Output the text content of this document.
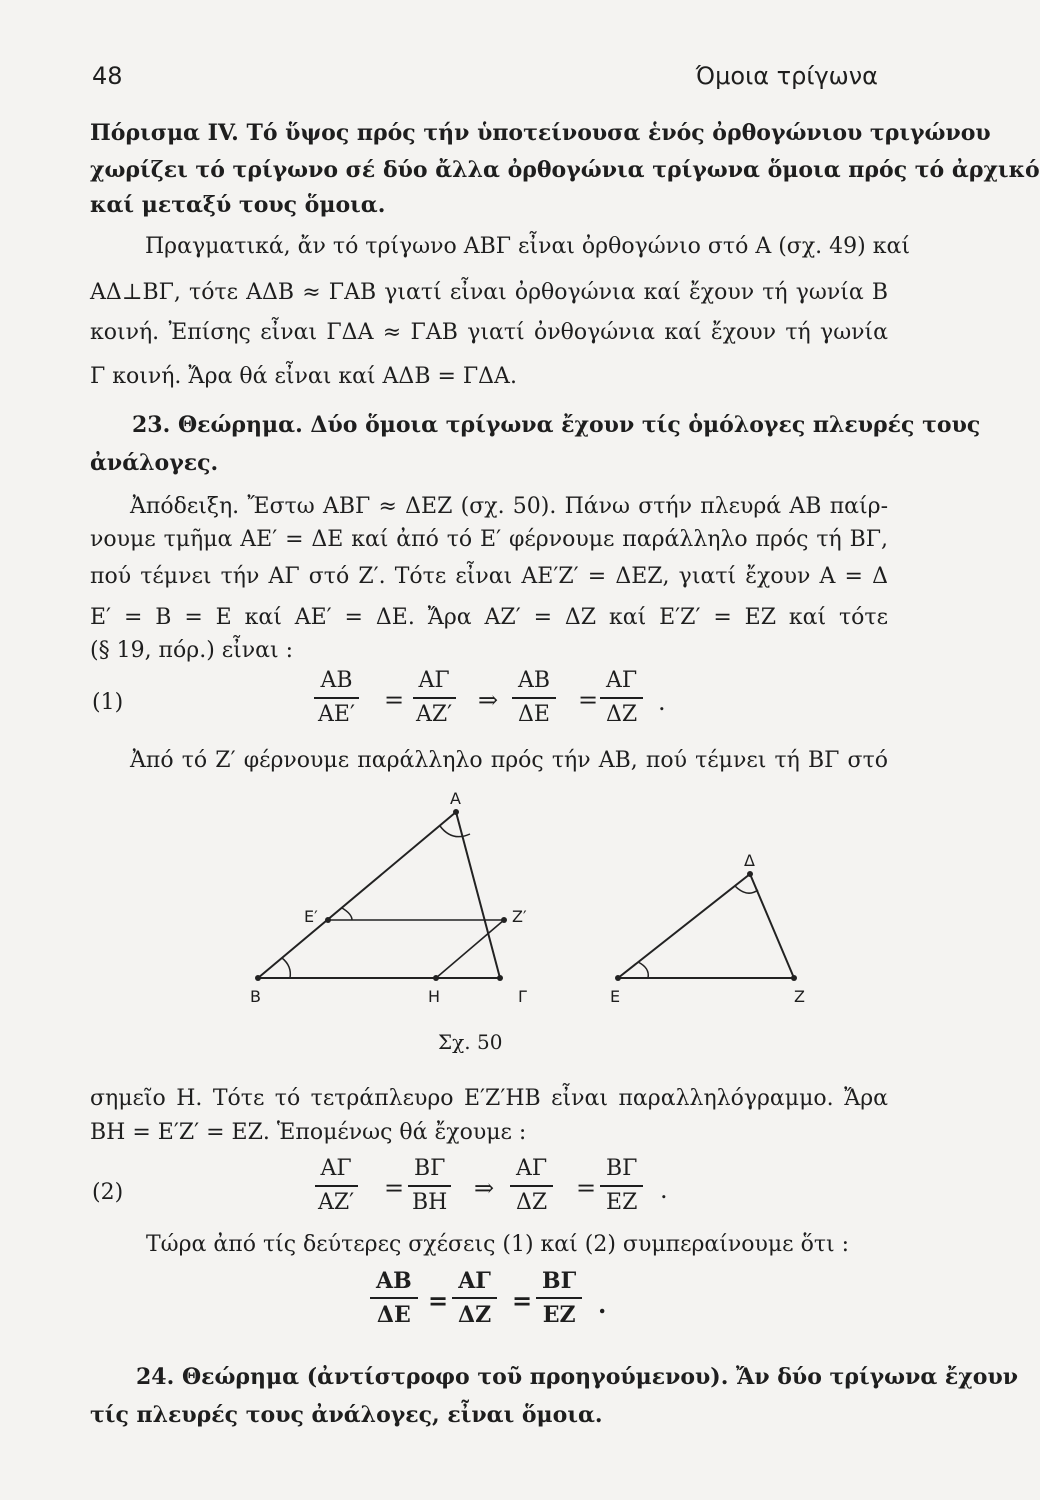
48	Όμοια τρίγωνα
Πόρισμα IV. Τό ὕψος πρός τήν ὑποτείνουσα ἑνός ὀρθογώνιου τριγώνου
χωρίζει τό τρίγωνο σέ δύο ἄλλα ὀρθογώνια τρίγωνα ὅμοια πρός τό ἀρχικό
καί μεταξύ τους ὅμοια.
Πραγματικά, ἄν τό τρίγωνο ΑΒΓ εἶναι ὀρθογώνιο στό Α (σχ. 49) καί
ΑΔ⊥ΒΓ, τότε ΑΔΒ ≈ ΓΑΒ γιατί εἶναι ὀρθογώνια καί ἔχουν τή γωνία Β
κοινή. Ἐπίσης εἶναι ΓΔΑ ≈ ΓΑΒ γιατί ὀνθογώνια καί ἔχουν τή γωνία
Γ κοινή. Ἄρα θά εἶναι καί ΑΔΒ = ΓΔΑ.
23. Θεώρημα. Δύο ὅμοια τρίγωνα ἔχουν τίς ὁμόλογες πλευρές τους
ἀνάλογες.
Ἀπόδειξη. Ἔστω ΑΒΓ ≈ ΔΕΖ (σχ. 50). Πάνω στήν πλευρά ΑΒ παίρ-
νουμε τμῆμα ΑΕ′ = ΔΕ καί ἀπό τό Ε′ φέρνουμε παράλληλο πρός τή ΒΓ,
πού τέμνει τήν ΑΓ στό Ζ′. Τότε εἶναι ΑΕ′Ζ′ = ΔΕΖ, γιατί ἔχουν Α = Δ
Ε′ = Β = Ε καί ΑΕ′ = ΔΕ. Ἄρα ΑΖ′ = ΔΖ καί Ε′Ζ′ = ΕΖ καί τότε
(§ 19, πόρ.) εἶναι :
(1)	$\frac{AB}{AE'} = \frac{A\Gamma}{AZ'}$ ⇒ $\frac{AB}{\Delta E} = \frac{A\Gamma}{\Delta Z}$ .
Ἀπό τό Ζ′ φέρνουμε παράλληλο πρός τήν ΑΒ, πού τέμνει τή ΒΓ στό
Α
Β	Η	Γ
Ε′	Ζ′
Δ
Ε	Ζ
Σχ. 50
σημεῖο Η. Τότε τό τετράπλευρο Ε′Ζ′ΗΒ εἶναι παραλληλόγραμμο. Ἄρα
ΒΗ = Ε′Ζ′ = ΕΖ. Ἑπομένως θά ἔχουμε :
(2)	$\frac{A\Gamma}{AZ'} = \frac{B\Gamma}{BH}$ ⇒ $\frac{A\Gamma}{\Delta Z} = \frac{B\Gamma}{EZ}$ .
Τώρα ἀπό τίς δεύτερες σχέσεις (1) καί (2) συμπεραίνουμε ὅτι :
$\frac{AB}{\Delta E} = \frac{A\Gamma}{\Delta Z} = \frac{B\Gamma}{EZ}$ .
24. Θεώρημα (ἀντίστροφο τοῦ προηγούμενου). Ἄν δύο τρίγωνα ἔχουν
τίς πλευρές τους ἀνάλογες, εἶναι ὅμοια.
